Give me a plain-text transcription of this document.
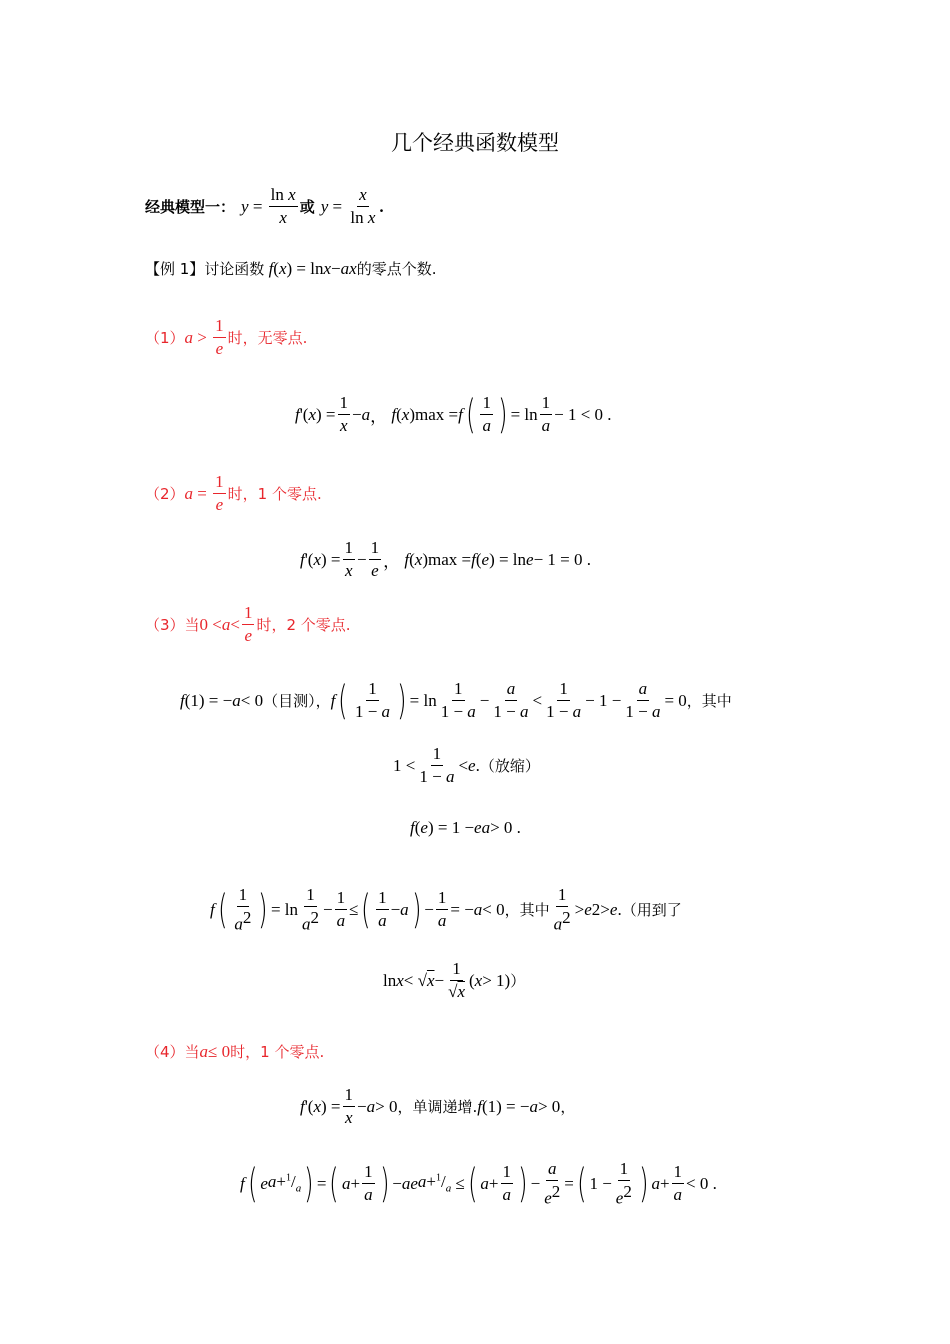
几个经典函数模型
经典模型一： $y = \frac{\text{ln x}}{x}$ 或 $y = \frac{x}{\text{ln x}}$ .
【例 1】讨论函数 f ( x ) = ln x − ax 的零点个数.
（1） a >
1
e
时，无零点.
f '( x ) = $\frac{1}{x} - a$ ， f ( x ) max = f ( 1
a ) = ln
1
a
− 1 < 0 .
（2） $a = \frac{1}{e}$ 时，1 个零点.
f '( x ) = $\frac{1}{x} - \frac{1}{e}$ ， f ( x ) max = f ( e ) = ln e − 1 = 0 .
（3）当 0 < a <
1
e
时，2 个零点.
f (1) = − a < 0 （目测）， f ( 1
1 − a ) = ln
1
1 − a
− $\frac{a}{1 - a}$ <
1
1 − a
− $1 - \frac{a}{1 - a} = 0$ ，其中
1 <
1
1 − a
< e . （放缩）
f ( e ) = 1 − ea > 0 .
f ( 1
$a^2$ ) = ln
1
$a^2 - \frac{1}{a}$ ≤ ( 1
a
− a ) − $\frac{1}{a}$ = − a < 0 ，其中
1
$a^2 > e$ 2 > e . （用到了
ln x < √ $x - \frac{1}{√x}$ ( x > 1) ）
（4）当 a ≤ 0 时，1 个零点.
f '( x ) = $\frac{1}{x} - a > 0$ ，单调递增. f (1) = − a > 0 ，
f ( e $a+^1/_a$ ) = ( $a + \frac{1}{a}$ ) − ae $a+^1/_a$ ≤ ( $a + \frac{1}{a}$ ) − $\frac{a}{e^2}$ = ( $1 - \frac{1}{e^2}$ ) $a + \frac{1}{a} < 0$ .
